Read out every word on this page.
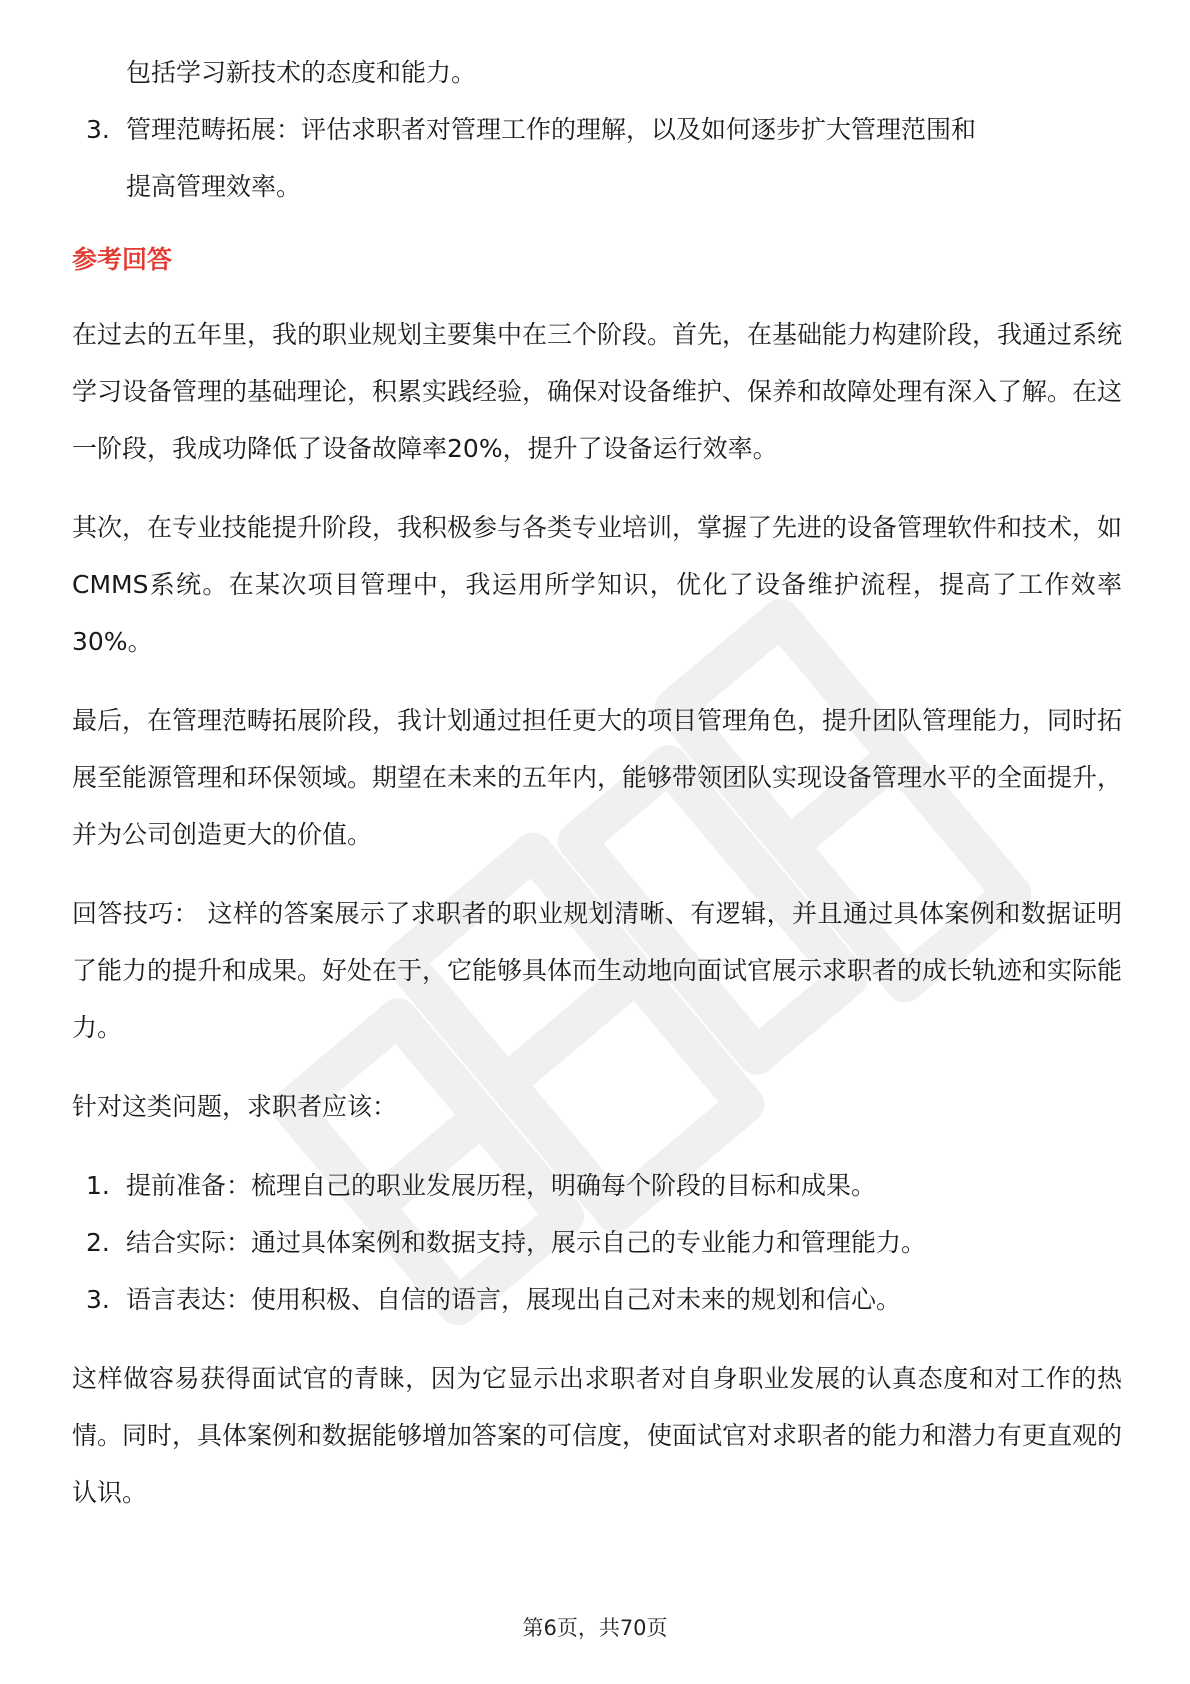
包括学习新技术的态度和能力。
3. 管理范畴拓展：评估求职者对管理工作的理解，以及如何逐步扩大管理范围和
提高管理效率。
参考回答

在过去的五年里，我的职业规划主要集中在三个阶段。首先，在基础能力构建阶段，我通过系统学习设备管理的基础理论，积累实践经验，确保对设备维护、保养和故障处理有深入了解。在这一阶段，我成功降低了设备故障率20%，提升了设备运行效率。

其次，在专业技能提升阶段，我积极参与各类专业培训，掌握了先进的设备管理软件和技术，如CMMS系统。在某次项目管理中，我运用所学知识，优化了设备维护流程，提高了工作效率30%。

最后，在管理范畴拓展阶段，我计划通过担任更大的项目管理角色，提升团队管理能力，同时拓展至能源管理和环保领域。期望在未来的五年内，能够带领团队实现设备管理水平的全面提升，并为公司创造更大的价值。

回答技巧： 这样的答案展示了求职者的职业规划清晰、有逻辑，并且通过具体案例和数据证明了能力的提升和成果。好处在于，它能够具体而生动地向面试官展示求职者的成长轨迹和实际能力。

针对这类问题，求职者应该：

1. 提前准备：梳理自己的职业发展历程，明确每个阶段的目标和成果。
2. 结合实际：通过具体案例和数据支持，展示自己的专业能力和管理能力。
3. 语言表达：使用积极、自信的语言，展现出自己对未来的规划和信心。

这样做容易获得面试官的青睐，因为它显示出求职者对自身职业发展的认真态度和对工作的热情。同时，具体案例和数据能够增加答案的可信度，使面试官对求职者的能力和潜力有更直观的认识。

第6页，共70页
